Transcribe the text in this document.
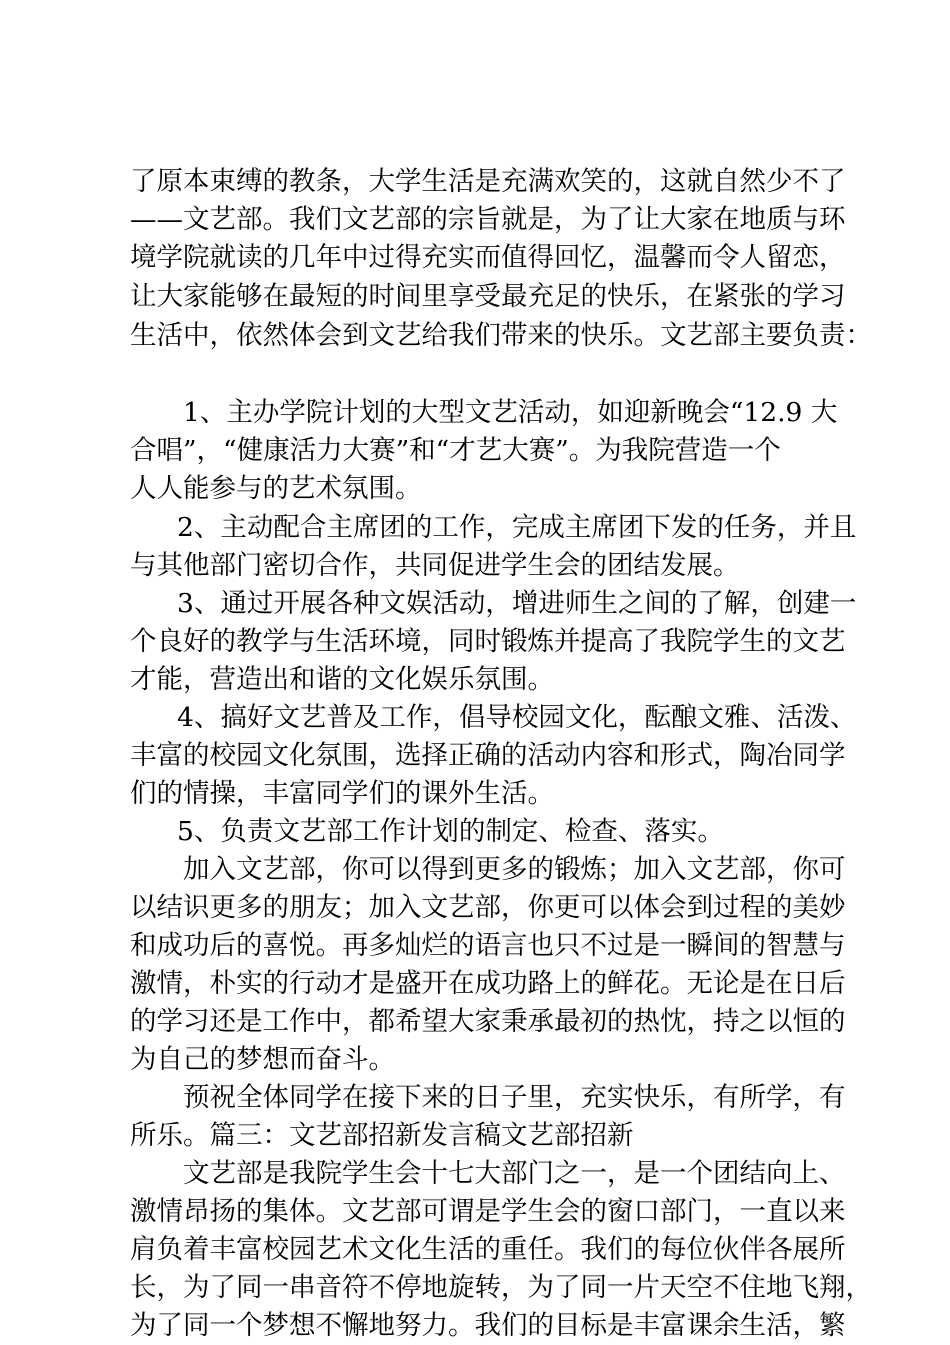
了原本束缚的教条，大学生活是充满欢笑的，这就自然少不了
——文艺部。我们文艺部的宗旨就是，为了让大家在地质与环
境学院就读的几年中过得充实而值得回忆，温馨而令人留恋，
让大家能够在最短的时间里享受最充足的快乐，在紧张的学习
生活中，依然体会到文艺给我们带来的快乐。文艺部主要负责：
1、主办学院计划的大型文艺活动，如迎新晚会“12.9 大
合唱”，“健康活力大赛”和“才艺大赛”。为我院营造一个
人人能参与的艺术氛围。
2、主动配合主席团的工作，完成主席团下发的任务，并且
与其他部门密切合作，共同促进学生会的团结发展。
3、通过开展各种文娱活动，增进师生之间的了解，创建一
个良好的教学与生活环境，同时锻炼并提高了我院学生的文艺
才能，营造出和谐的文化娱乐氛围。
4、搞好文艺普及工作，倡导校园文化，酝酿文雅、活泼、
丰富的校园文化氛围，选择正确的活动内容和形式，陶冶同学
们的情操，丰富同学们的课外生活。
5、负责文艺部工作计划的制定、检查、落实。
加入文艺部，你可以得到更多的锻炼；加入文艺部，你可
以结识更多的朋友；加入文艺部，你更可以体会到过程的美妙
和成功后的喜悦。再多灿烂的语言也只不过是一瞬间的智慧与
激情，朴实的行动才是盛开在成功路上的鲜花。无论是在日后
的学习还是工作中，都希望大家秉承最初的热忱，持之以恒的
为自己的梦想而奋斗。
预祝全体同学在接下来的日子里，充实快乐，有所学，有
所乐。篇三：文艺部招新发言稿文艺部招新
文艺部是我院学生会十七大部门之一，是一个团结向上、
激情昂扬的集体。文艺部可谓是学生会的窗口部门，一直以来
肩负着丰富校园艺术文化生活的重任。我们的每位伙伴各展所
长，为了同一串音符不停地旋转，为了同一片天空不住地飞翔，
为了同一个梦想不懈地努力。我们的目标是丰富课余生活，繁
